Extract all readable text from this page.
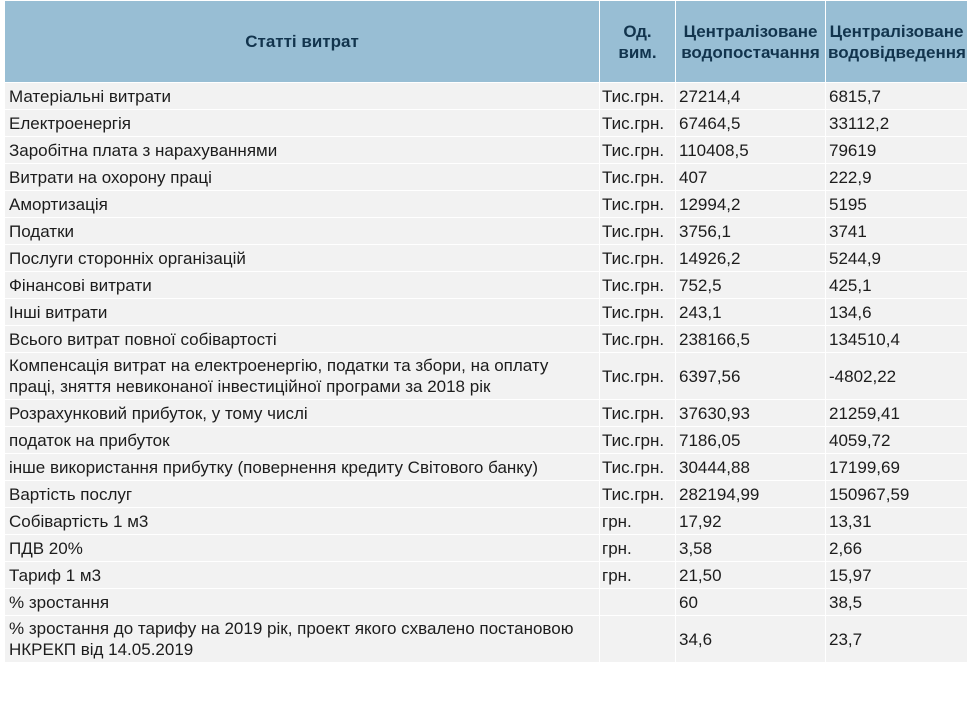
Статті витрат	Од. вим.	Централізоване водопостачання	Централізоване водовідведення
Матеріальні витрати	Тис.грн.	27214,4	6815,7
Електроенергія	Тис.грн.	67464,5	33112,2
Заробітна плата з нарахуваннями	Тис.грн.	110408,5	79619
Витрати на охорону праці	Тис.грн.	407	222,9
Амортизація	Тис.грн.	12994,2	5195
Податки	Тис.грн.	3756,1	3741
Послуги сторонніх організацій	Тис.грн.	14926,2	5244,9
Фінансові витрати	Тис.грн.	752,5	425,1
Інші витрати	Тис.грн.	243,1	134,6
Всього витрат повної собівартості	Тис.грн.	238166,5	134510,4
Компенсація витрат на електроенергію, податки та збори, на оплату праці, зняття невиконаної інвестиційної програми за 2018 рік	Тис.грн.	6397,56	-4802,22
Розрахунковий прибуток, у тому числі	Тис.грн.	37630,93	21259,41
податок на прибуток	Тис.грн.	7186,05	4059,72
інше використання прибутку (повернення кредиту Світового банку)	Тис.грн.	30444,88	17199,69
Вартість послуг	Тис.грн.	282194,99	150967,59
Собівартість 1 м3	грн.	17,92	13,31
ПДВ 20%	грн.	3,58	2,66
Тариф 1 м3	грн.	21,50	15,97
% зростання		60	38,5
% зростання до тарифу на 2019 рік, проект якого схвалено постановою НКРЕКП від 14.05.2019		34,6	23,7
